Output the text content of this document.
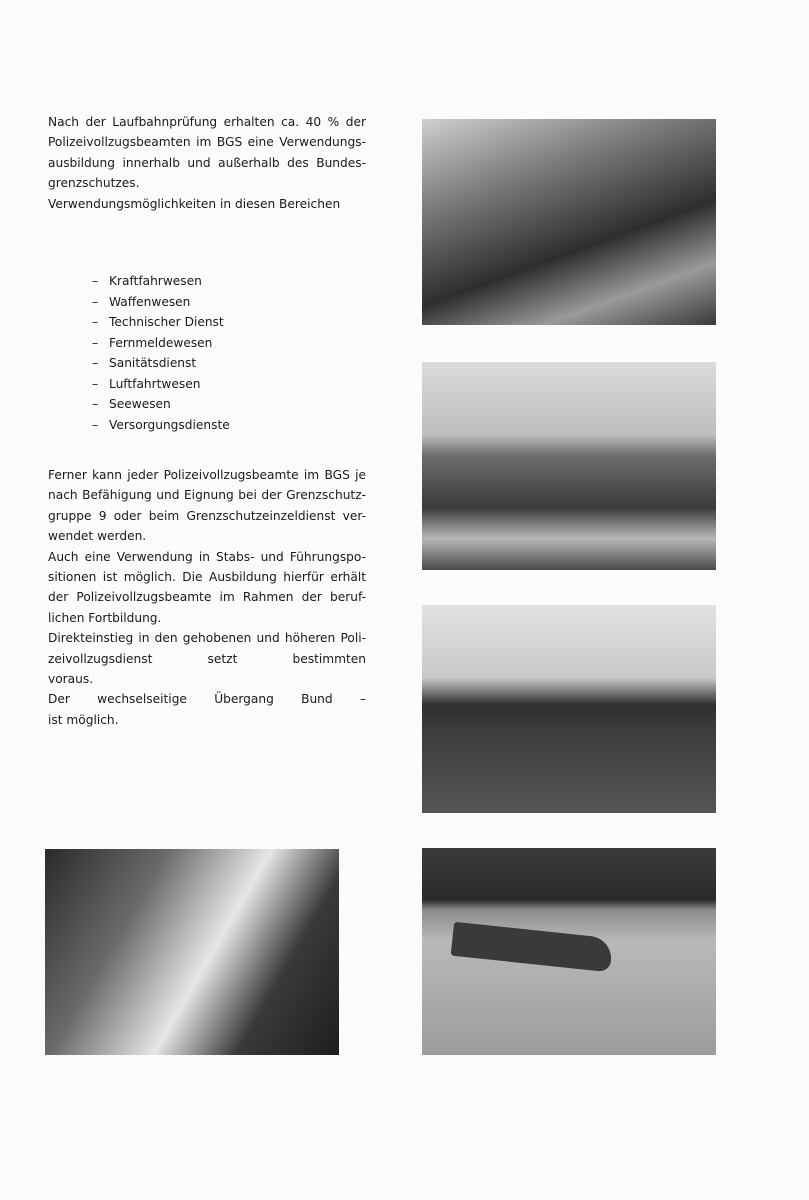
Nach der Laufbahnprüfung erhalten ca. 40 % der
Polizeivollzugsbeamten im BGS eine Verwendungs-
ausbildung innerhalb und außerhalb des Bundes-
grenzschutzes.
Verwendungsmöglichkeiten in diesen Bereichen
– Kraftfahrwesen
– Waffenwesen
– Technischer Dienst
– Fernmeldewesen
– Sanitätsdienst
– Luftfahrtwesen
– Seewesen
– Versorgungsdienste
Ferner kann jeder Polizeivollzugsbeamte im BGS je
nach Befähigung und Eignung bei der Grenzschutz-
gruppe 9 oder beim Grenzschutzeinzeldienst ver-
wendet werden.
Auch eine Verwendung in Stabs- und Führungspo-
sitionen ist möglich. Die Ausbildung hierfür erhält
der Polizeivollzugsbeamte im Rahmen der beruf-
lichen Fortbildung.
Direkteinstieg in den gehobenen und höheren Poli-
zeivollzugsdienst setzt bestimmten
voraus.
Der wechselseitige Übergang Bund –
ist möglich.
